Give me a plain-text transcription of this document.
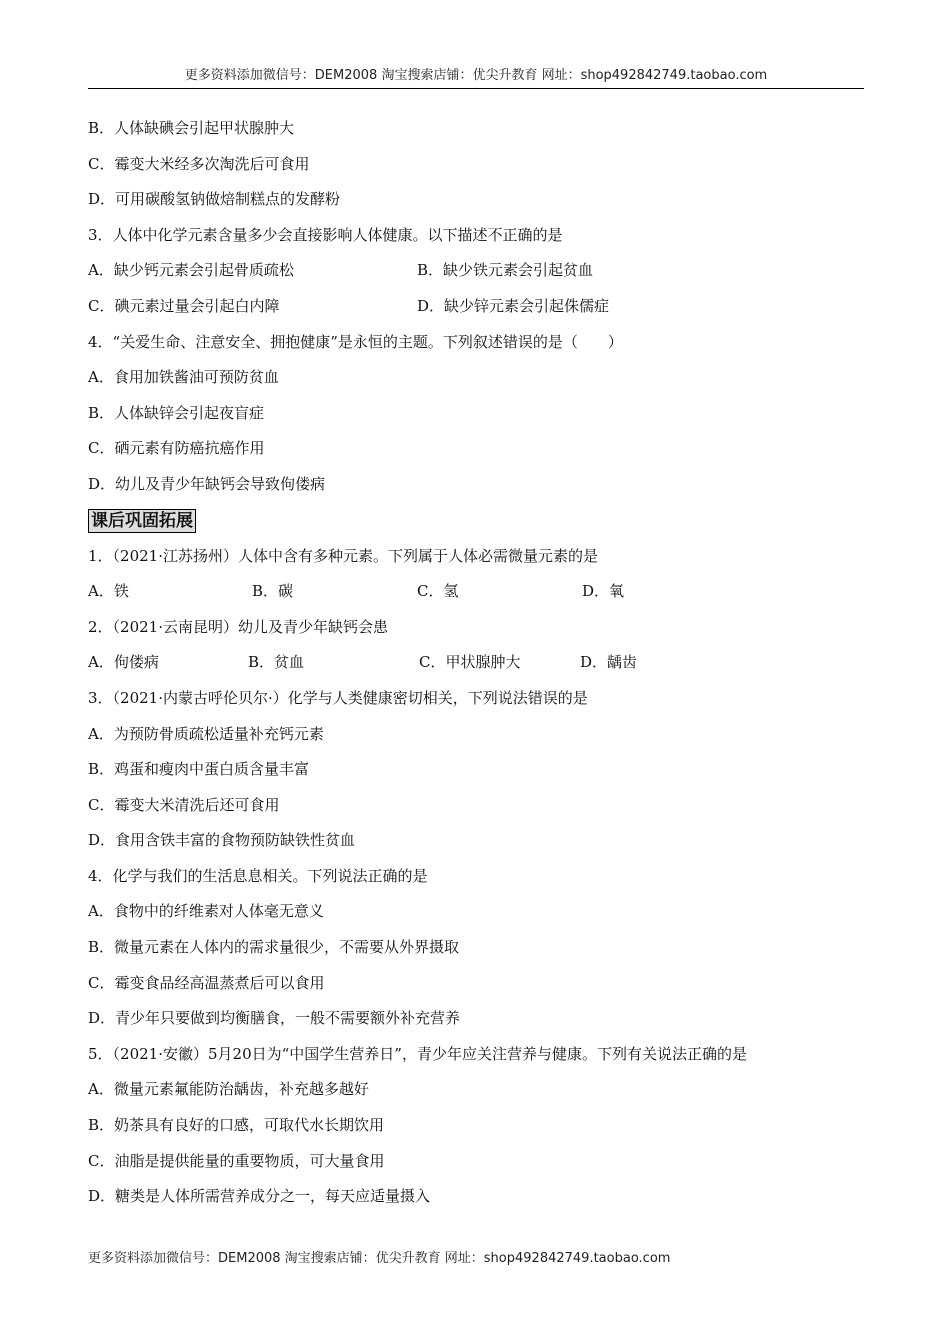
更多资料添加微信号：DEM2008 淘宝搜索店铺：优尖升教育 网址：shop492842749.taobao.com
B．人体缺碘会引起甲状腺肿大
C．霉变大米经多次淘洗后可食用
D．可用碳酸氢钠做焙制糕点的发酵粉
3．人体中化学元素含量多少会直接影响人体健康。以下描述不正确的是
A．缺少钙元素会引起骨质疏松	B．缺少铁元素会引起贫血
C．碘元素过量会引起白内障	D．缺少锌元素会引起侏儒症
4．“关爱生命、注意安全、拥抱健康”是永恒的主题。下列叙述错误的是（　　）
A．食用加铁酱油可预防贫血
B．人体缺锌会引起夜盲症
C．硒元素有防癌抗癌作用
D．幼儿及青少年缺钙会导致佝偻病
课后巩固拓展
1．（2021·江苏扬州）人体中含有多种元素。下列属于人体必需微量元素的是
A．铁	B．碳	C．氢	D．氧
2．（2021·云南昆明）幼儿及青少年缺钙会患
A．佝偻病	B．贫血	C．甲状腺肿大	D．龋齿
3．（2021·内蒙古呼伦贝尔·）化学与人类健康密切相关，下列说法错误的是
A．为预防骨质疏松适量补充钙元素
B．鸡蛋和瘦肉中蛋白质含量丰富
C．霉变大米清洗后还可食用
D．食用含铁丰富的食物预防缺铁性贫血
4．化学与我们的生活息息相关。下列说法正确的是
A．食物中的纤维素对人体毫无意义
B．微量元素在人体内的需求量很少，不需要从外界摄取
C．霉变食品经高温蒸煮后可以食用
D．青少年只要做到均衡膳食，一般不需要额外补充营养
5．（2021·安徽）5月20日为“中国学生营养日”，青少年应关注营养与健康。下列有关说法正确的是
A．微量元素氟能防治龋齿，补充越多越好
B．奶茶具有良好的口感，可取代水长期饮用
C．油脂是提供能量的重要物质，可大量食用
D．糖类是人体所需营养成分之一，每天应适量摄入
更多资料添加微信号：DEM2008 淘宝搜索店铺：优尖升教育 网址：shop492842749.taobao.com
